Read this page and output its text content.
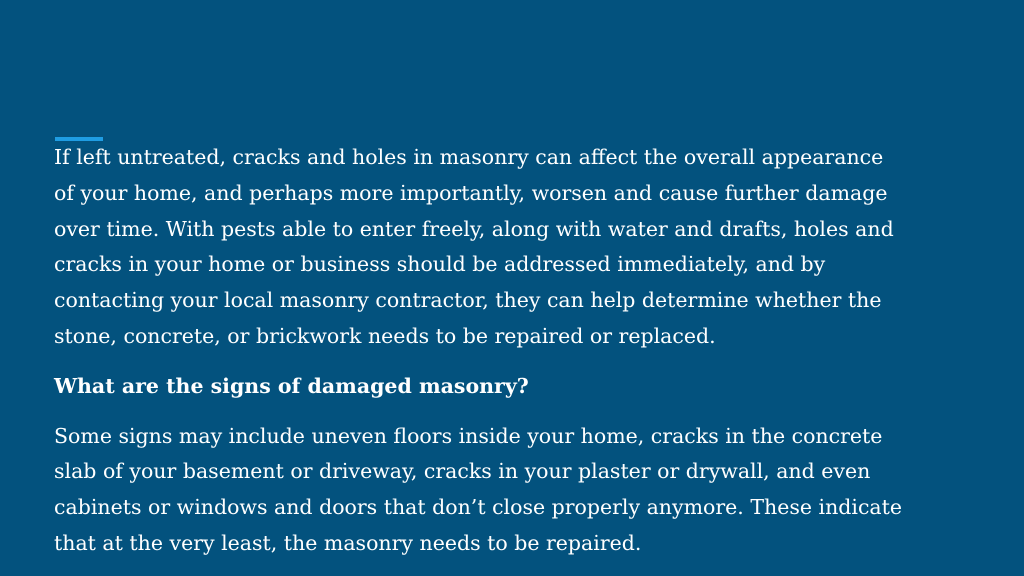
If left untreated, cracks and holes in masonry can affect the overall appearance
of your home, and perhaps more importantly, worsen and cause further damage
over time. With pests able to enter freely, along with water and drafts, holes and
cracks in your home or business should be addressed immediately, and by
contacting your local masonry contractor, they can help determine whether the
stone, concrete, or brickwork needs to be repaired or replaced.

What are the signs of damaged masonry?

Some signs may include uneven floors inside your home, cracks in the concrete
slab of your basement or driveway, cracks in your plaster or drywall, and even
cabinets or windows and doors that don’t close properly anymore. These indicate
that at the very least, the masonry needs to be repaired.
